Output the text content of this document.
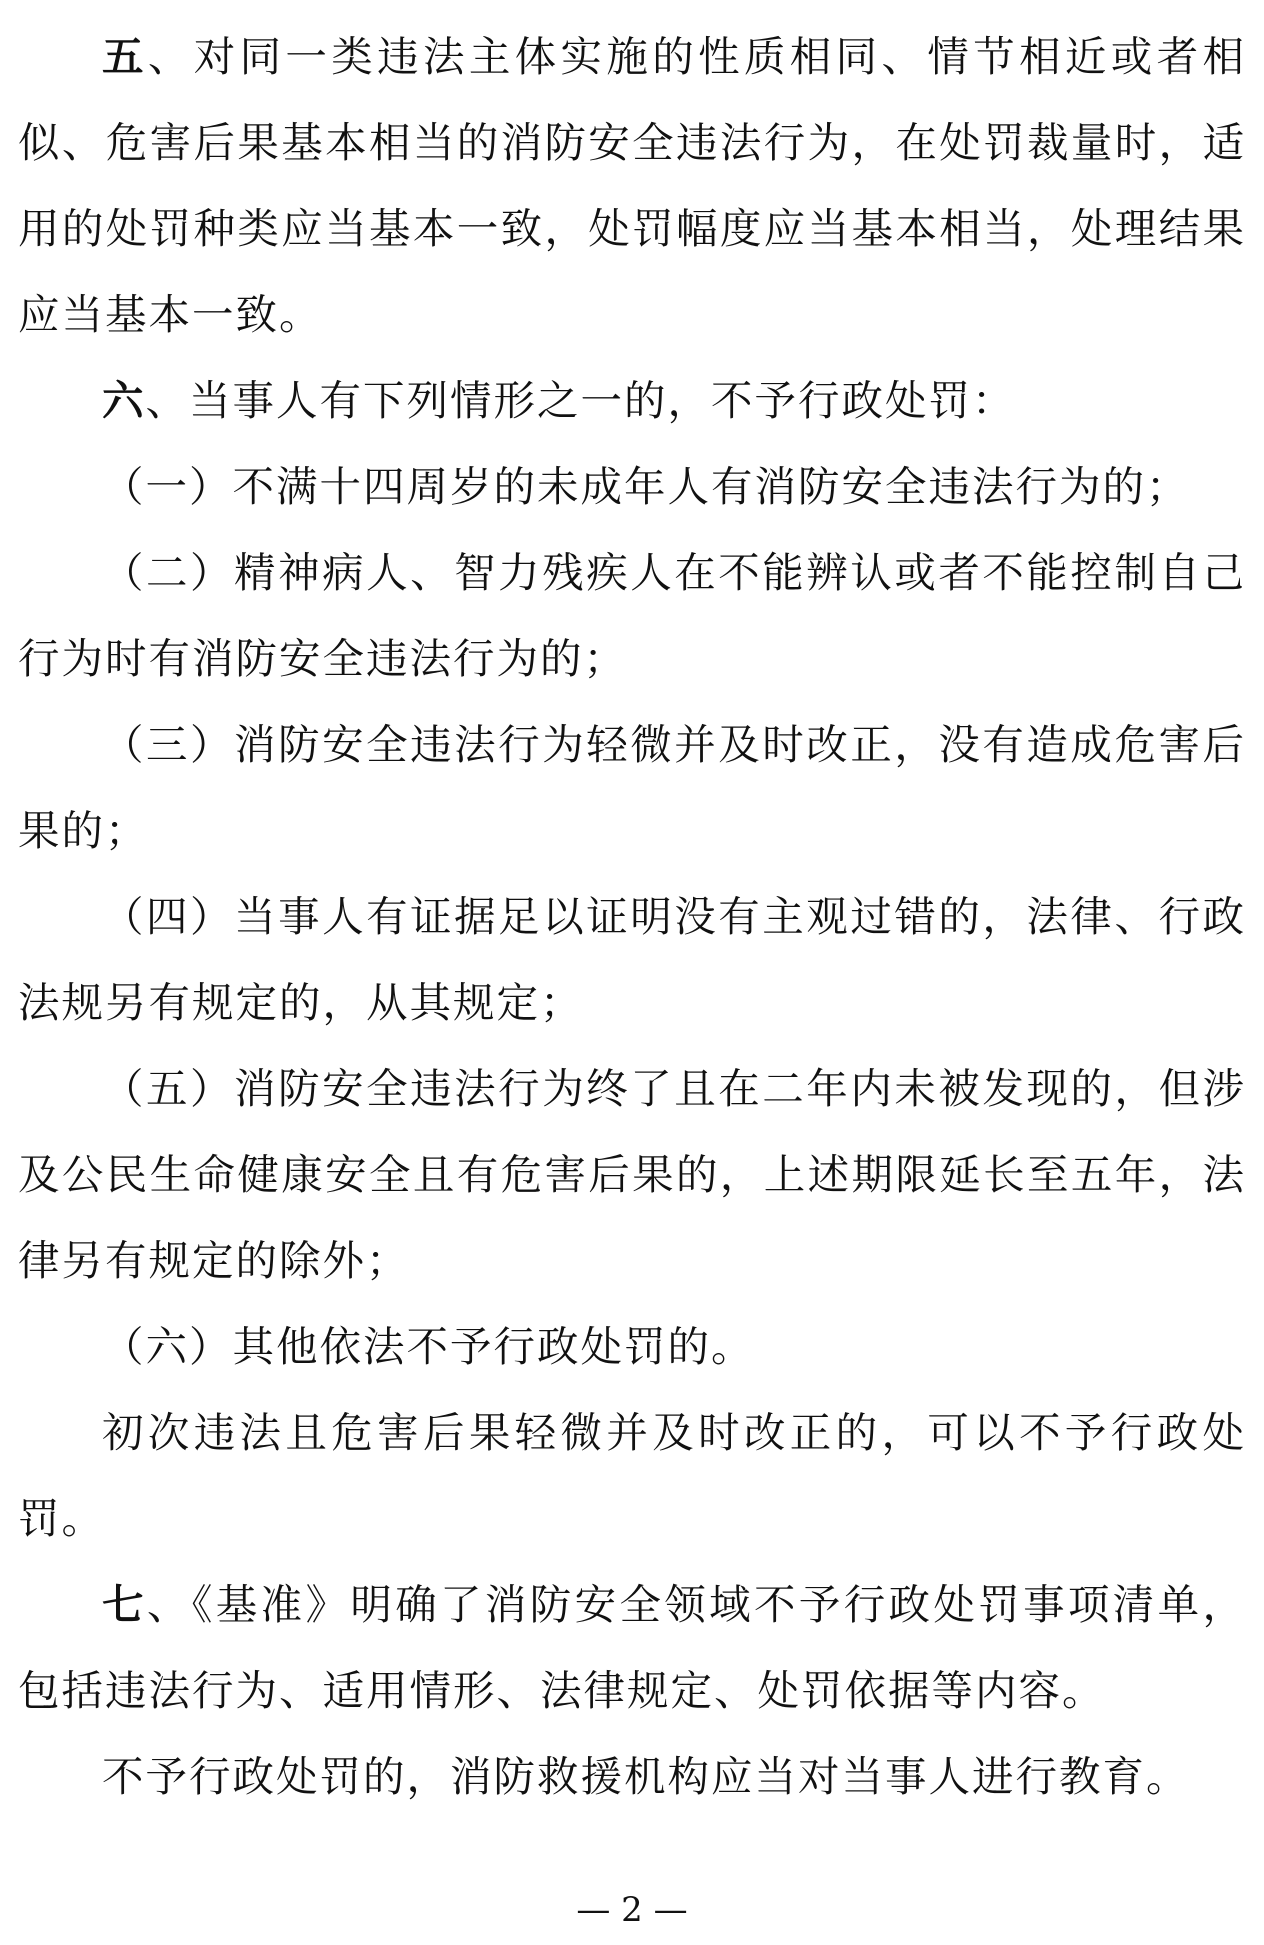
五、对同一类违法主体实施的性质相同、情节相近或者相似、危害后果基本相当的消防安全违法行为，在处罚裁量时，适用的处罚种类应当基本一致，处罚幅度应当基本相当，处理结果应当基本一致。

六、当事人有下列情形之一的，不予行政处罚：

（一）不满十四周岁的未成年人有消防安全违法行为的；

（二）精神病人、智力残疾人在不能辨认或者不能控制自己行为时有消防安全违法行为的；

（三）消防安全违法行为轻微并及时改正，没有造成危害后果的；

（四）当事人有证据足以证明没有主观过错的，法律、行政法规另有规定的，从其规定；

（五）消防安全违法行为终了且在二年内未被发现的，但涉及公民生命健康安全且有危害后果的，上述期限延长至五年，法律另有规定的除外；

（六）其他依法不予行政处罚的。

初次违法且危害后果轻微并及时改正的，可以不予行政处罚。

七、《基准》明确了消防安全领域不予行政处罚事项清单，包括违法行为、适用情形、法律规定、处罚依据等内容。

不予行政处罚的，消防救援机构应当对当事人进行教育。

— 2 —
